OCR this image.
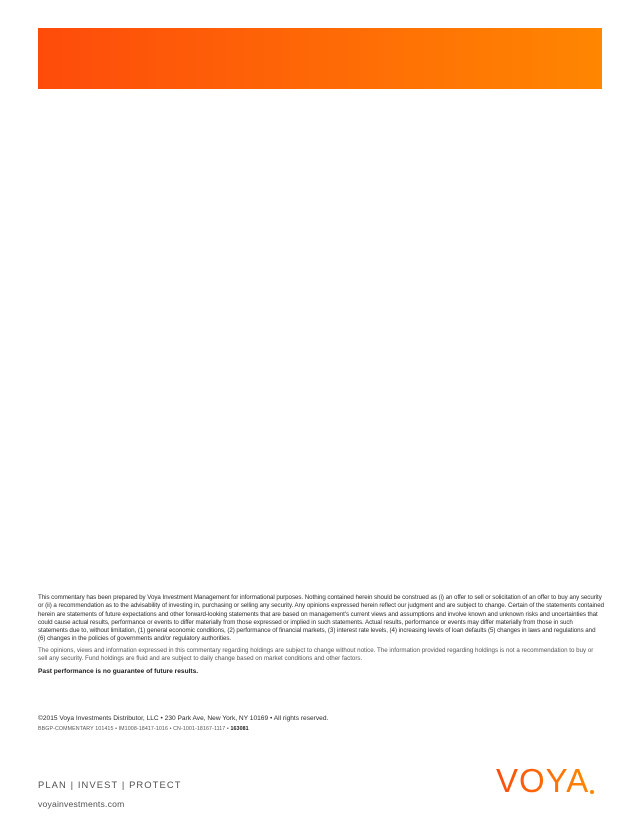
This commentary has been prepared by Voya Investment Management for informational purposes. Nothing contained herein should be construed as (i) an offer to sell or solicitation of an offer to buy any security or (ii) a recommendation as to the advisability of investing in, purchasing or selling any security. Any opinions expressed herein reflect our judgment and are subject to change. Certain of the statements contained herein are statements of future expectations and other forward-looking statements that are based on management's current views and assumptions and involve known and unknown risks and uncertainties that could cause actual results, performance or events to differ materially from those expressed or implied in such statements. Actual results, performance or events may differ materially from those in such statements due to, without limitation, (1) general economic conditions, (2) performance of financial markets, (3) interest rate levels, (4) increasing levels of loan defaults (5) changes in laws and regulations and (6) changes in the policies of governments and/or regulatory authorities.

The opinions, views and information expressed in this commentary regarding holdings are subject to change without notice. The information provided regarding holdings is not a recommendation to buy or sell any security. Fund holdings are fluid and are subject to daily change based on market conditions and other factors.

Past performance is no guarantee of future results.

©2015 Voya Investments Distributor, LLC • 230 Park Ave, New York, NY 10169 • All rights reserved.
BBGP-COMMENTARY 101415 • IM1008-18417-1016 • CN-1001-18167-1117 • 163081
PLAN | INVEST | PROTECT
voyainvestments.com
VOYA
